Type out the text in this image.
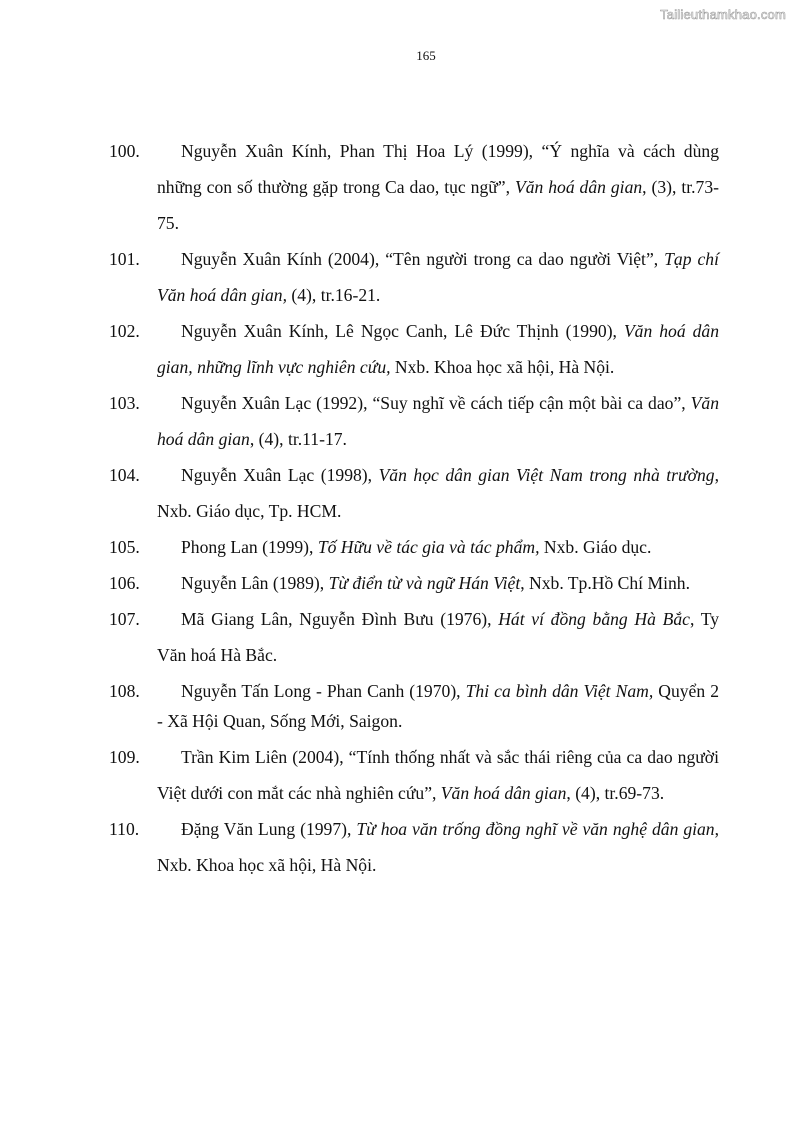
Tailieuthamkhao.com
165
100. Nguyễn Xuân Kính, Phan Thị Hoa Lý (1999), “Ý nghĩa và cách dùng những con số thường gặp trong Ca dao, tục ngữ”, Văn hoá dân gian, (3), tr.73-75.
101. Nguyễn Xuân Kính (2004), “Tên người trong ca dao người Việt”, Tạp chí Văn hoá dân gian, (4), tr.16-21.
102. Nguyễn Xuân Kính, Lê Ngọc Canh, Lê Đức Thịnh (1990), Văn hoá dân gian, những lĩnh vực nghiên cứu, Nxb. Khoa học xã hội, Hà Nội.
103. Nguyễn Xuân Lạc (1992), “Suy nghĩ về cách tiếp cận một bài ca dao”, Văn hoá dân gian, (4), tr.11-17.
104. Nguyễn Xuân Lạc (1998), Văn học dân gian Việt Nam trong nhà trường, Nxb. Giáo dục, Tp. HCM.
105. Phong Lan (1999), Tố Hữu về tác gia và tác phẩm, Nxb. Giáo dục.
106. Nguyễn Lân (1989), Từ điển từ và ngữ Hán Việt, Nxb. Tp.Hồ Chí Minh.
107. Mã Giang Lân, Nguyễn Đình Bưu (1976), Hát ví đồng bằng Hà Bắc, Ty Văn hoá Hà Bắc.
108. Nguyễn Tấn Long - Phan Canh (1970), Thi ca bình dân Việt Nam, Quyển 2 - Xã Hội Quan, Sống Mới, Saigon.
109. Trần Kim Liên (2004), “Tính thống nhất và sắc thái riêng của ca dao người Việt dưới con mắt các nhà nghiên cứu”, Văn hoá dân gian, (4), tr.69-73.
110. Đặng Văn Lung (1997), Từ hoa văn trống đồng nghĩ về văn nghệ dân gian, Nxb. Khoa học xã hội, Hà Nội.
